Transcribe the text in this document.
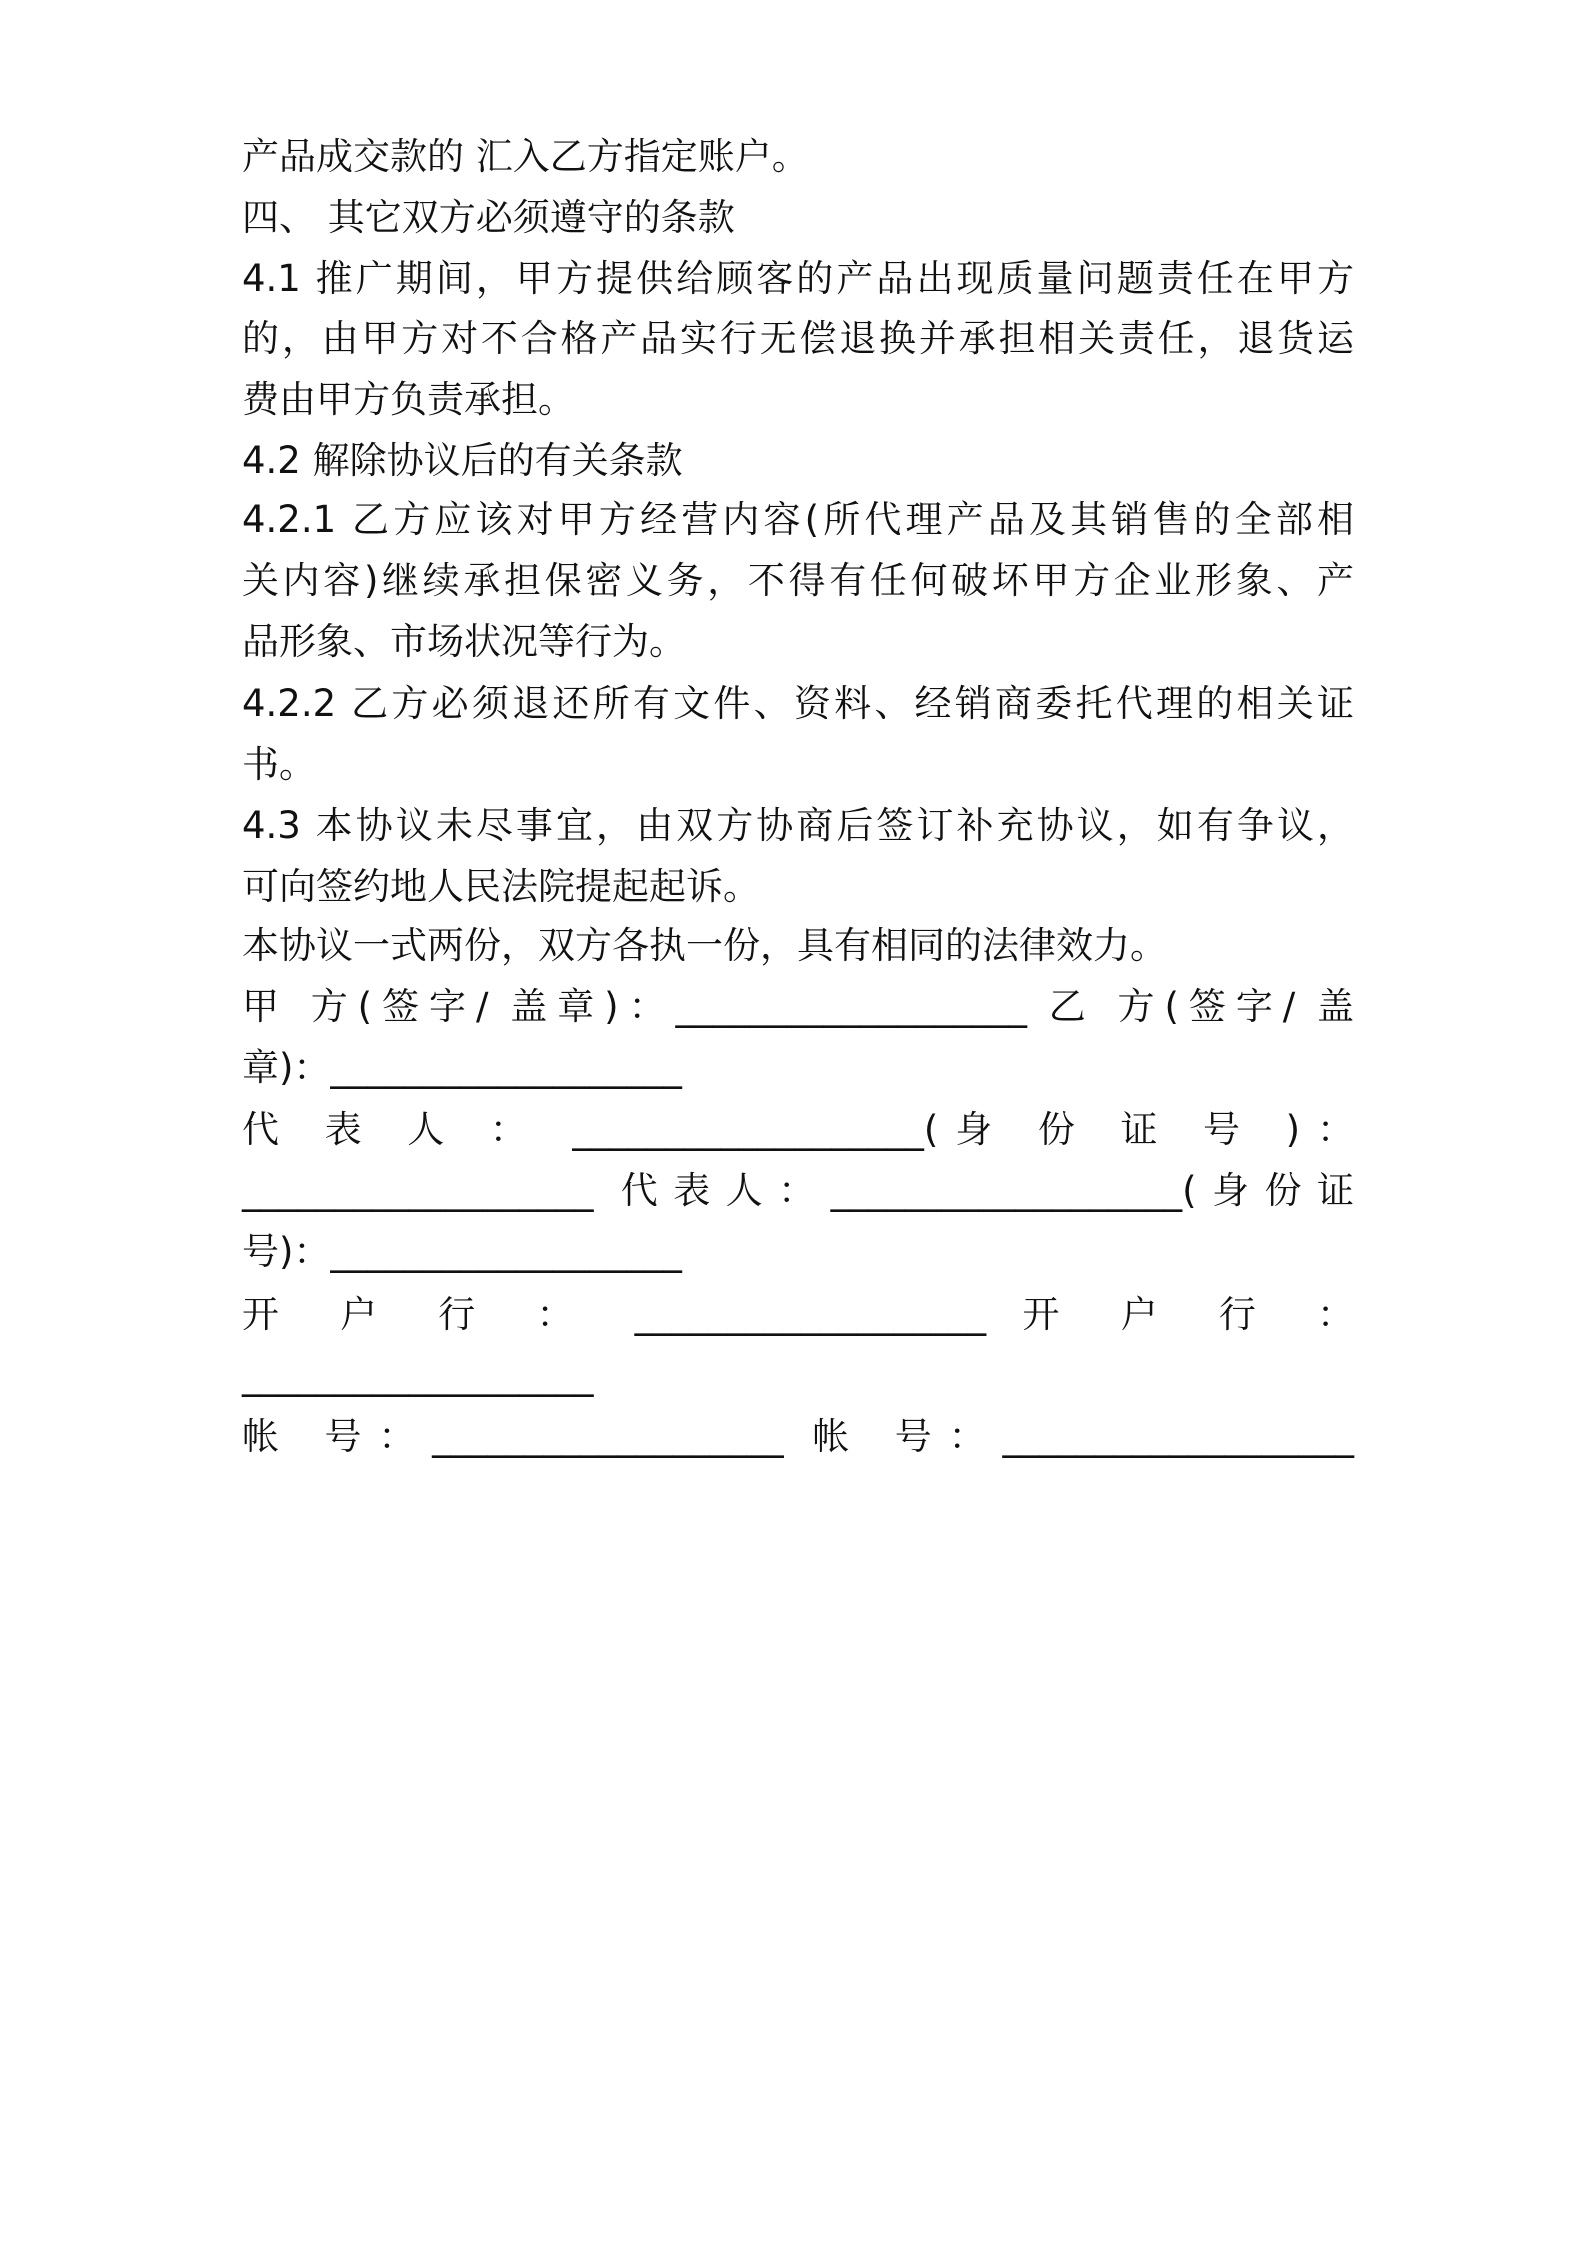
产品成交款的 汇入乙方指定账户。
四、 其它双方必须遵守的条款
4.1 推广期间，甲方提供给顾客的产品出现质量问题责任在甲方
的，由甲方对不合格产品实行无偿退换并承担相关责任，退货运
费由甲方负责承担。
4.2 解除协议后的有关条款
4.2.1 乙方应该对甲方经营内容(所代理产品及其销售的全部相
关内容)继续承担保密义务，不得有任何破坏甲方企业形象、产
品形象、市场状况等行为。
4.2.2 乙方必须退还所有文件、资料、经销商委托代理的相关证
书。
4.3 本协议未尽事宜，由双方协商后签订补充协议，如有争议，
可向签约地人民法院提起起诉。
本协议一式两份，双方各执一份，具有相同的法律效力。
甲 方(签字/ 盖章)：___________________ 乙 方(签字/ 盖
章)：___________________
代 表 人 ： ___________________(身 份 证 号 )：
___________________ 代表人：___________________(身份证
号)：___________________
开 户 行 ： ___________________ 开 户 行 ：
___________________
帐 号：___________________ 帐 号：___________________
